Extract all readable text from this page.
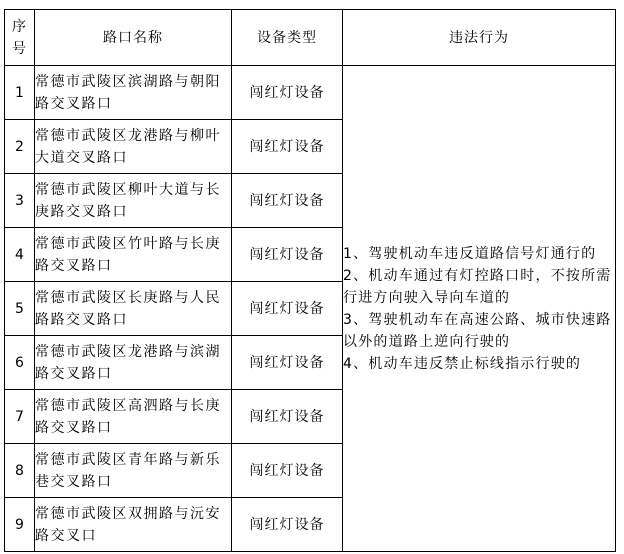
序
号	路口名称	设备类型	违法行为
1	常德市武陵区滨湖路与朝阳路交叉路口	闯红灯设备	1、驾驶机动车违反道路信号灯通行的
2、机动车通过有灯控路口时，不按所需行进方向驶入导向车道的
3、驾驶机动车在高速公路、城市快速路以外的道路上逆向行驶的
4、机动车违反禁止标线指示行驶的

2	常德市武陵区龙港路与柳叶大道交叉路口	闯红灯设备	
3	常德市武陵区柳叶大道与长庚路交叉路口	闯红灯设备	
4	常德市武陵区竹叶路与长庚路交叉路口	闯红灯设备	
5	常德市武陵区长庚路与人民路路交叉路口	闯红灯设备	
6	常德市武陵区龙港路与滨湖路交叉路口	闯红灯设备	
7	常德市武陵区高泗路与长庚路交叉路口	闯红灯设备	
8	常德市武陵区青年路与新乐巷交叉路口	闯红灯设备	
9	常德市武陵区双拥路与沅安路交叉口	闯红灯设备	
